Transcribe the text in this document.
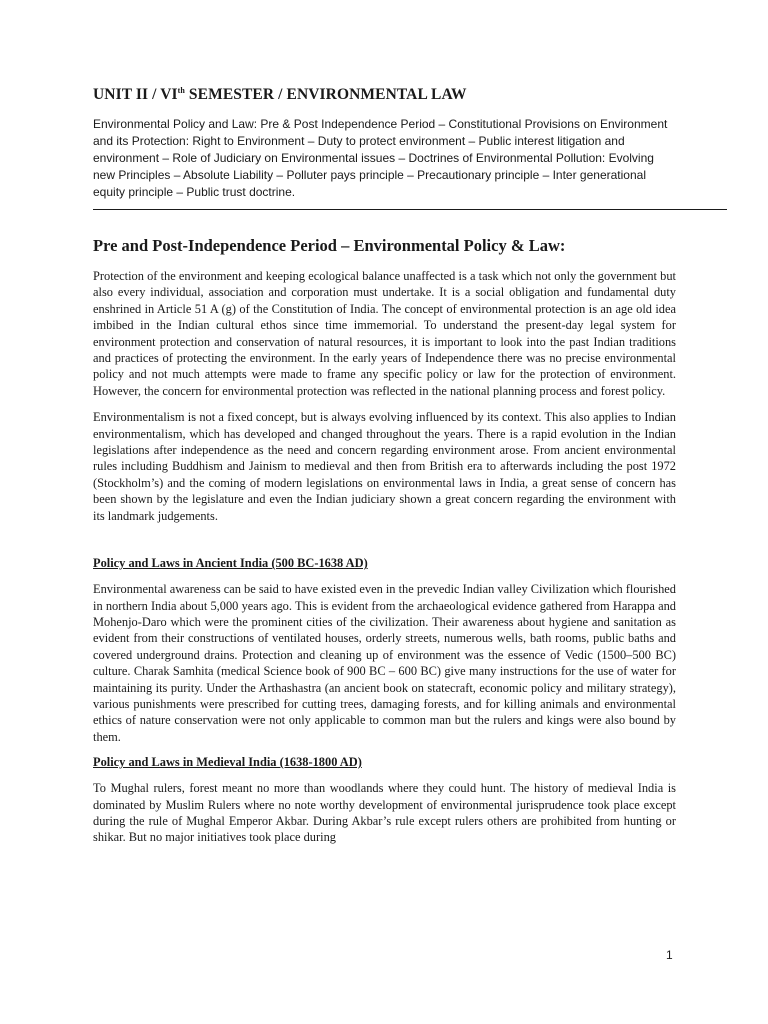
UNIT II / VIth SEMESTER / ENVIRONMENTAL LAW

Environmental Policy and Law: Pre & Post Independence Period – Constitutional Provisions on Environment and its Protection: Right to Environment – Duty to protect environment – Public interest litigation and environment – Role of Judiciary on Environmental issues – Doctrines of Environmental Pollution: Evolving new Principles – Absolute Liability – Polluter pays principle – Precautionary principle – Inter generational equity principle – Public trust doctrine.

Pre and Post-Independence Period – Environmental Policy & Law:

Protection of the environment and keeping ecological balance unaffected is a task which not only the government but also every individual, association and corporation must undertake. It is a social obligation and fundamental duty enshrined in Article 51 A (g) of the Constitution of India. The concept of environmental protection is an age old idea imbibed in the Indian cultural ethos since time immemorial. To understand the present-day legal system for environment protection and conservation of natural resources, it is important to look into the past Indian traditions and practices of protecting the environment. In the early years of Independence there was no precise environmental policy and not much attempts were made to frame any specific policy or law for the protection of environment. However, the concern for environmental protection was reflected in the national planning process and forest policy.

Environmentalism is not a fixed concept, but is always evolving influenced by its context. This also applies to Indian environmentalism, which has developed and changed throughout the years. There is a rapid evolution in the Indian legislations after independence as the need and concern regarding environment arose. From ancient environmental rules including Buddhism and Jainism to medieval and then from British era to afterwards including the post 1972 (Stockholm’s) and the coming of modern legislations on environmental laws in India, a great sense of concern has been shown by the legislature and even the Indian judiciary shown a great concern regarding the environment with its landmark judgements.

Policy and Laws in Ancient India (500 BC-1638 AD)

Environmental awareness can be said to have existed even in the prevedic Indian valley Civilization which flourished in northern India about 5,000 years ago. This is evident from the archaeological evidence gathered from Harappa and Mohenjo-Daro which were the prominent cities of the civilization. Their awareness about hygiene and sanitation as evident from their constructions of ventilated houses, orderly streets, numerous wells, bath rooms, public baths and covered underground drains. Protection and cleaning up of environment was the essence of Vedic (1500–500 BC) culture. Charak Samhita (medical Science book of 900 BC – 600 BC) give many instructions for the use of water for maintaining its purity. Under the Arthashastra (an ancient book on statecraft, economic policy and military strategy), various punishments were prescribed for cutting trees, damaging forests, and for killing animals and environmental ethics of nature conservation were not only applicable to common man but the rulers and kings were also bound by them.

Policy and Laws in Medieval India (1638-1800 AD)

To Mughal rulers, forest meant no more than woodlands where they could hunt. The history of medieval India is dominated by Muslim Rulers where no note worthy development of environmental jurisprudence took place except during the rule of Mughal Emperor Akbar. During Akbar’s rule except rulers others are prohibited from hunting or shikar. But no major initiatives took place during

1
